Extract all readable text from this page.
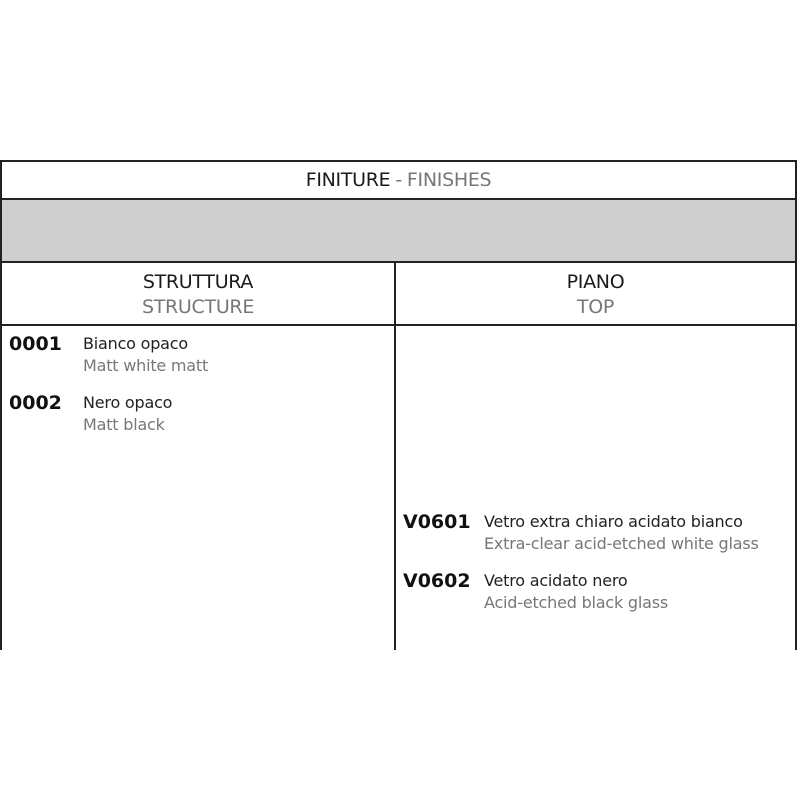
FINITURE - FINISHES
STRUTTURA
STRUCTURE
PIANO
TOP
0001	Bianco opaco
Matt white matt
0002	Nero opaco
Matt black
V0601 Vetro extra chiaro acidato bianco
Extra-clear acid-etched white glass
V0602 Vetro acidato nero
Acid-etched black glass
